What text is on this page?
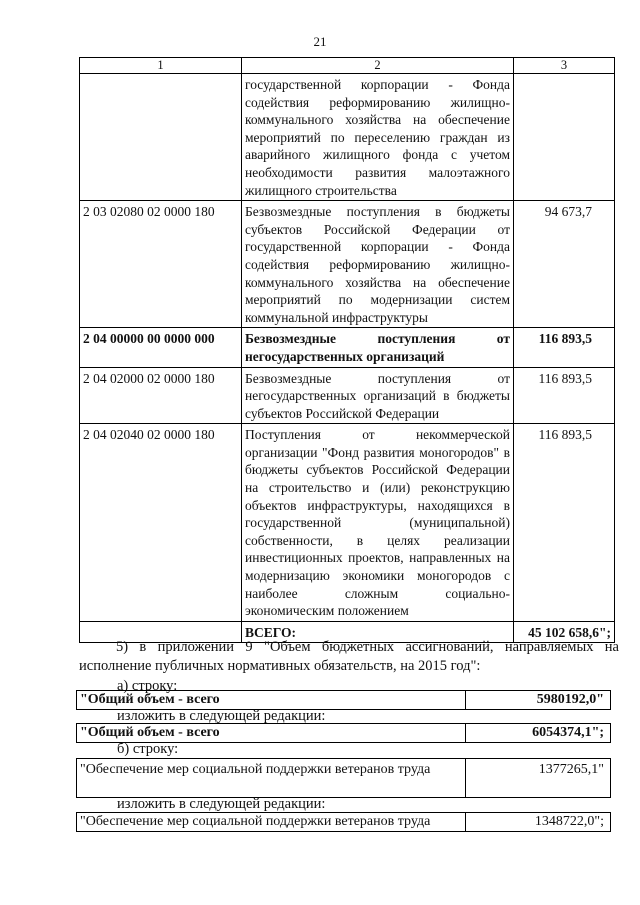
21
1	2	3
	государственной корпорации - Фонда содействия реформированию жилищно-коммунального хозяйства на обеспечение мероприятий по переселению граждан из аварийного жилищного фонда с учетом необходимости развития малоэтажного жилищного строительства	
2 03 02080 02 0000 180	Безвозмездные поступления в бюджеты субъектов Российской Федерации от государственной корпорации - Фонда содействия реформированию жилищно-коммунального хозяйства на обеспечение мероприятий по модернизации систем коммунальной инфраструктуры	94 673,7
2 04 00000 00 0000 000	Безвозмездные поступления от негосударственных организаций	116 893,5
2 04 02000 02 0000 180	Безвозмездные поступления от негосударственных организаций в бюджеты субъектов Российской Федерации	116 893,5
2 04 02040 02 0000 180	Поступления от некоммерческой организации "Фонд развития моногородов" в бюджеты субъектов Российской Федерации на строительство и (или) реконструкцию объектов инфраструктуры, находящихся в государственной (муниципальной) собственности, в целях реализации инвестиционных проектов, направленных на модернизацию экономики моногородов с наиболее сложным социально-экономическим положением	116 893,5
	ВСЕГО:	45 102 658,6";
5) в приложении 9 "Объем бюджетных ассигнований, направляемых на исполнение публичных нормативных обязательств, на 2015 год":
а) строку:
"Общий объем - всего	5980192,0"
изложить в следующей редакции:
"Общий объем - всего	6054374,1";
б) строку:
"Обеспечение мер социальной поддержки ветеранов труда	1377265,1"
изложить в следующей редакции:
"Обеспечение мер социальной поддержки ветеранов труда	1348722,0";
